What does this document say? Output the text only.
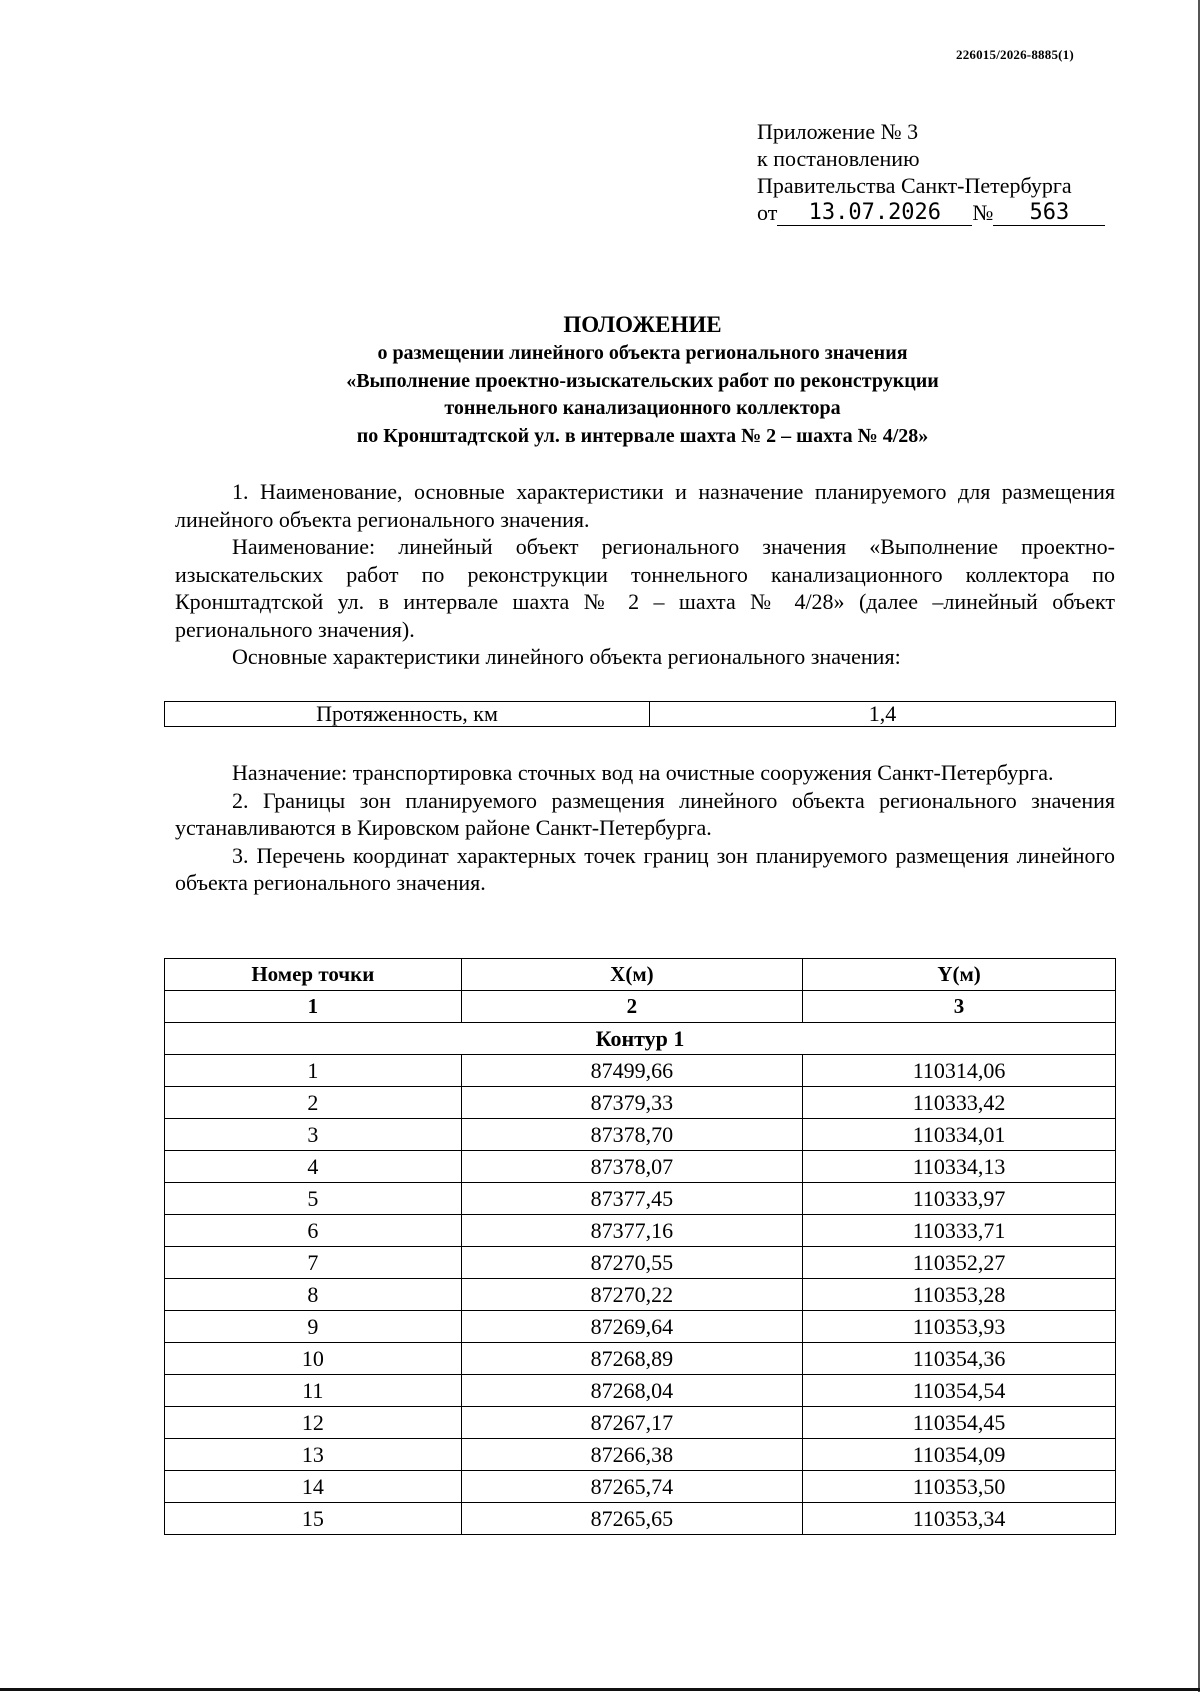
226015/2026-8885(1)
Приложение № 3
к постановлению
Правительства Санкт-Петербурга
от	13.07.2026	№	563
ПОЛОЖЕНИЕ
о размещении линейного объекта регионального значения
«Выполнение проектно-изыскательских работ по реконструкции
тоннельного канализационного коллектора
по Кронштадтской ул. в интервале шахта № 2 – шахта № 4/28»

1. Наименование, основные характеристики и назначение планируемого для размещения линейного объекта регионального значения.

Наименование: линейный объект регионального значения «Выполнение проектно-изыскательских работ по реконструкции тоннельного канализационного коллектора по Кронштадтской ул. в интервале шахта № 2 – шахта № 4/28» (далее –линейный объект регионального значения).

Основные характеристики линейного объекта регионального значения:

Протяженность, км	1,4

Назначение: транспортировка сточных вод на очистные сооружения Санкт-Петербурга.

2. Границы зон планируемого размещения линейного объекта регионального значения устанавливаются в Кировском районе Санкт-Петербурга.

3. Перечень координат характерных точек границ зон планируемого размещения линейного объекта регионального значения.

Номер точки	X(м)	Y(м)
1	2	3
Контур 1		
1	87499,66	110314,06
2	87379,33	110333,42
3	87378,70	110334,01
4	87378,07	110334,13
5	87377,45	110333,97
6	87377,16	110333,71
7	87270,55	110352,27
8	87270,22	110353,28
9	87269,64	110353,93
10	87268,89	110354,36
11	87268,04	110354,54
12	87267,17	110354,45
13	87266,38	110354,09
14	87265,74	110353,50
15	87265,65	110353,34
